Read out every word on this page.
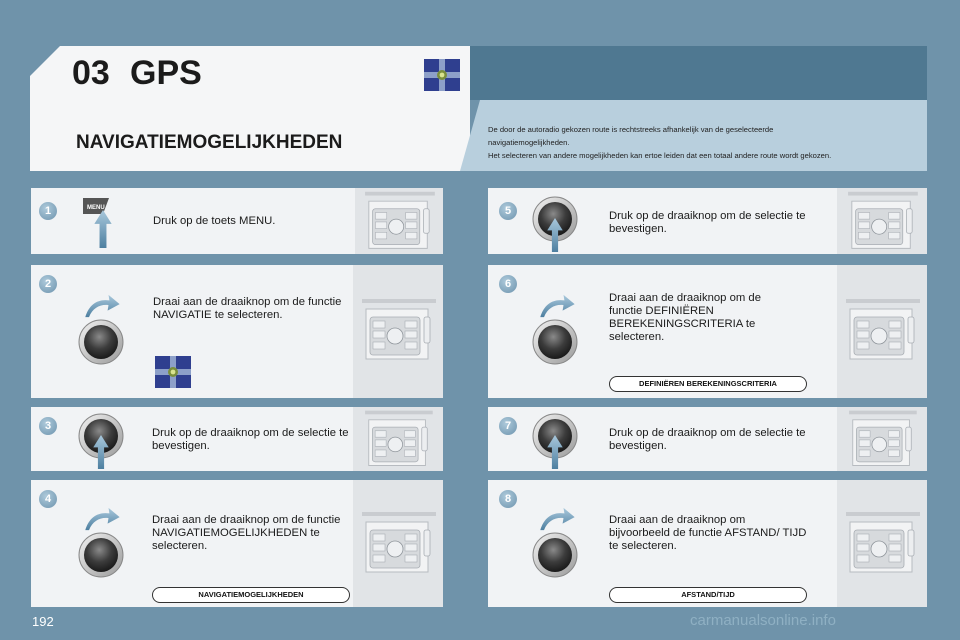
03 GPS
NAVIGATIEMOGELIJKHEDEN
De door de autoradio gekozen route is rechtstreeks afhankelijk van de geselecteerde
navigatiemogelijkheden.
Het selecteren van andere mogelijkheden kan ertoe leiden dat een totaal andere route wordt gekozen.
1	MENU
Druk op de toets MENU.
2
Draai aan de draaiknop om de functie NAVIGATIE te selecteren.
3
Druk op de draaiknop om de selectie te bevestigen.
4
Draai aan de draaiknop om de functie NAVIGATIEMOGELIJKHEDEN te selecteren.
NAVIGATIEMOGELIJKHEDEN
5	Druk op de draaiknop om de selectie te bevestigen.
6
Draai aan de draaiknop om de functie DEFINIËREN BEREKENINGSCRITERIA te selecteren.
DEFINIËREN BEREKENINGSCRITERIA
7
Druk op de draaiknop om de selectie te bevestigen.
8
Draai aan de draaiknop om bijvoorbeeld de functie AFSTAND/ TIJD te selecteren.
AFSTAND/TIJD
192	carmanualsonline.info
